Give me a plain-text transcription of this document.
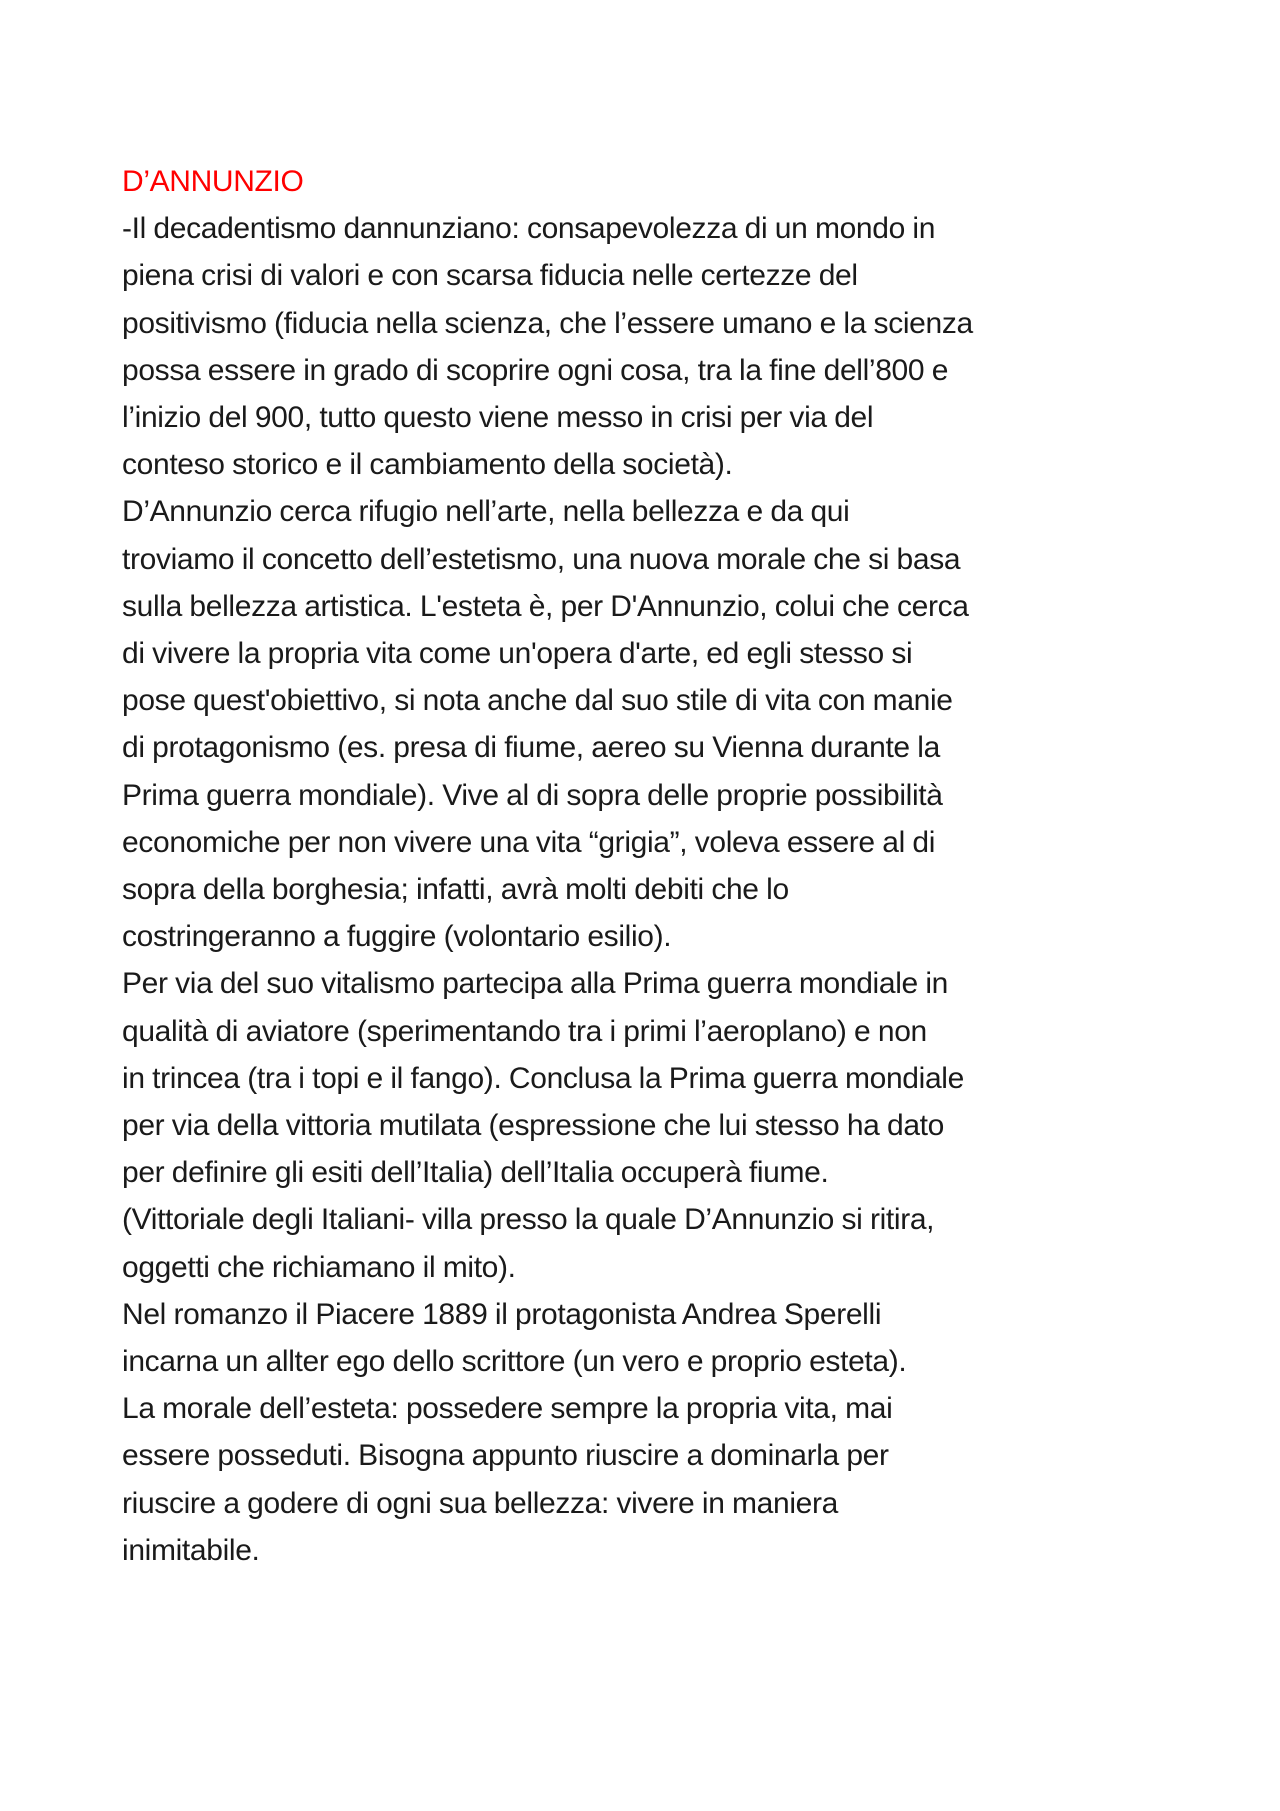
D’ANNUNZIO
-Il decadentismo dannunziano: consapevolezza di un mondo in
piena crisi di valori e con scarsa fiducia nelle certezze del
positivismo (fiducia nella scienza, che l’essere umano e la scienza
possa essere in grado di scoprire ogni cosa, tra la fine dell’800 e
l’inizio del 900, tutto questo viene messo in crisi per via del
conteso storico e il cambiamento della società).
D’Annunzio cerca rifugio nell’arte, nella bellezza e da qui
troviamo il concetto dell’estetismo, una nuova morale che si basa
sulla bellezza artistica. L'esteta è, per D'Annunzio, colui che cerca
di vivere la propria vita come un'opera d'arte, ed egli stesso si
pose quest'obiettivo, si nota anche dal suo stile di vita con manie
di protagonismo (es. presa di fiume, aereo su Vienna durante la
Prima guerra mondiale). Vive al di sopra delle proprie possibilità
economiche per non vivere una vita “grigia”, voleva essere al di
sopra della borghesia; infatti, avrà molti debiti che lo
costringeranno a fuggire (volontario esilio).
Per via del suo vitalismo partecipa alla Prima guerra mondiale in
qualità di aviatore (sperimentando tra i primi l’aeroplano) e non
in trincea (tra i topi e il fango). Conclusa la Prima guerra mondiale
per via della vittoria mutilata (espressione che lui stesso ha dato
per definire gli esiti dell’Italia) dell’Italia occuperà fiume.
(Vittoriale degli Italiani- villa presso la quale D’Annunzio si ritira,
oggetti che richiamano il mito).
Nel romanzo il Piacere 1889 il protagonista Andrea Sperelli
incarna un allter ego dello scrittore (un vero e proprio esteta).
La morale dell’esteta: possedere sempre la propria vita, mai
essere posseduti. Bisogna appunto riuscire a dominarla per
riuscire a godere di ogni sua bellezza: vivere in maniera
inimitabile.
